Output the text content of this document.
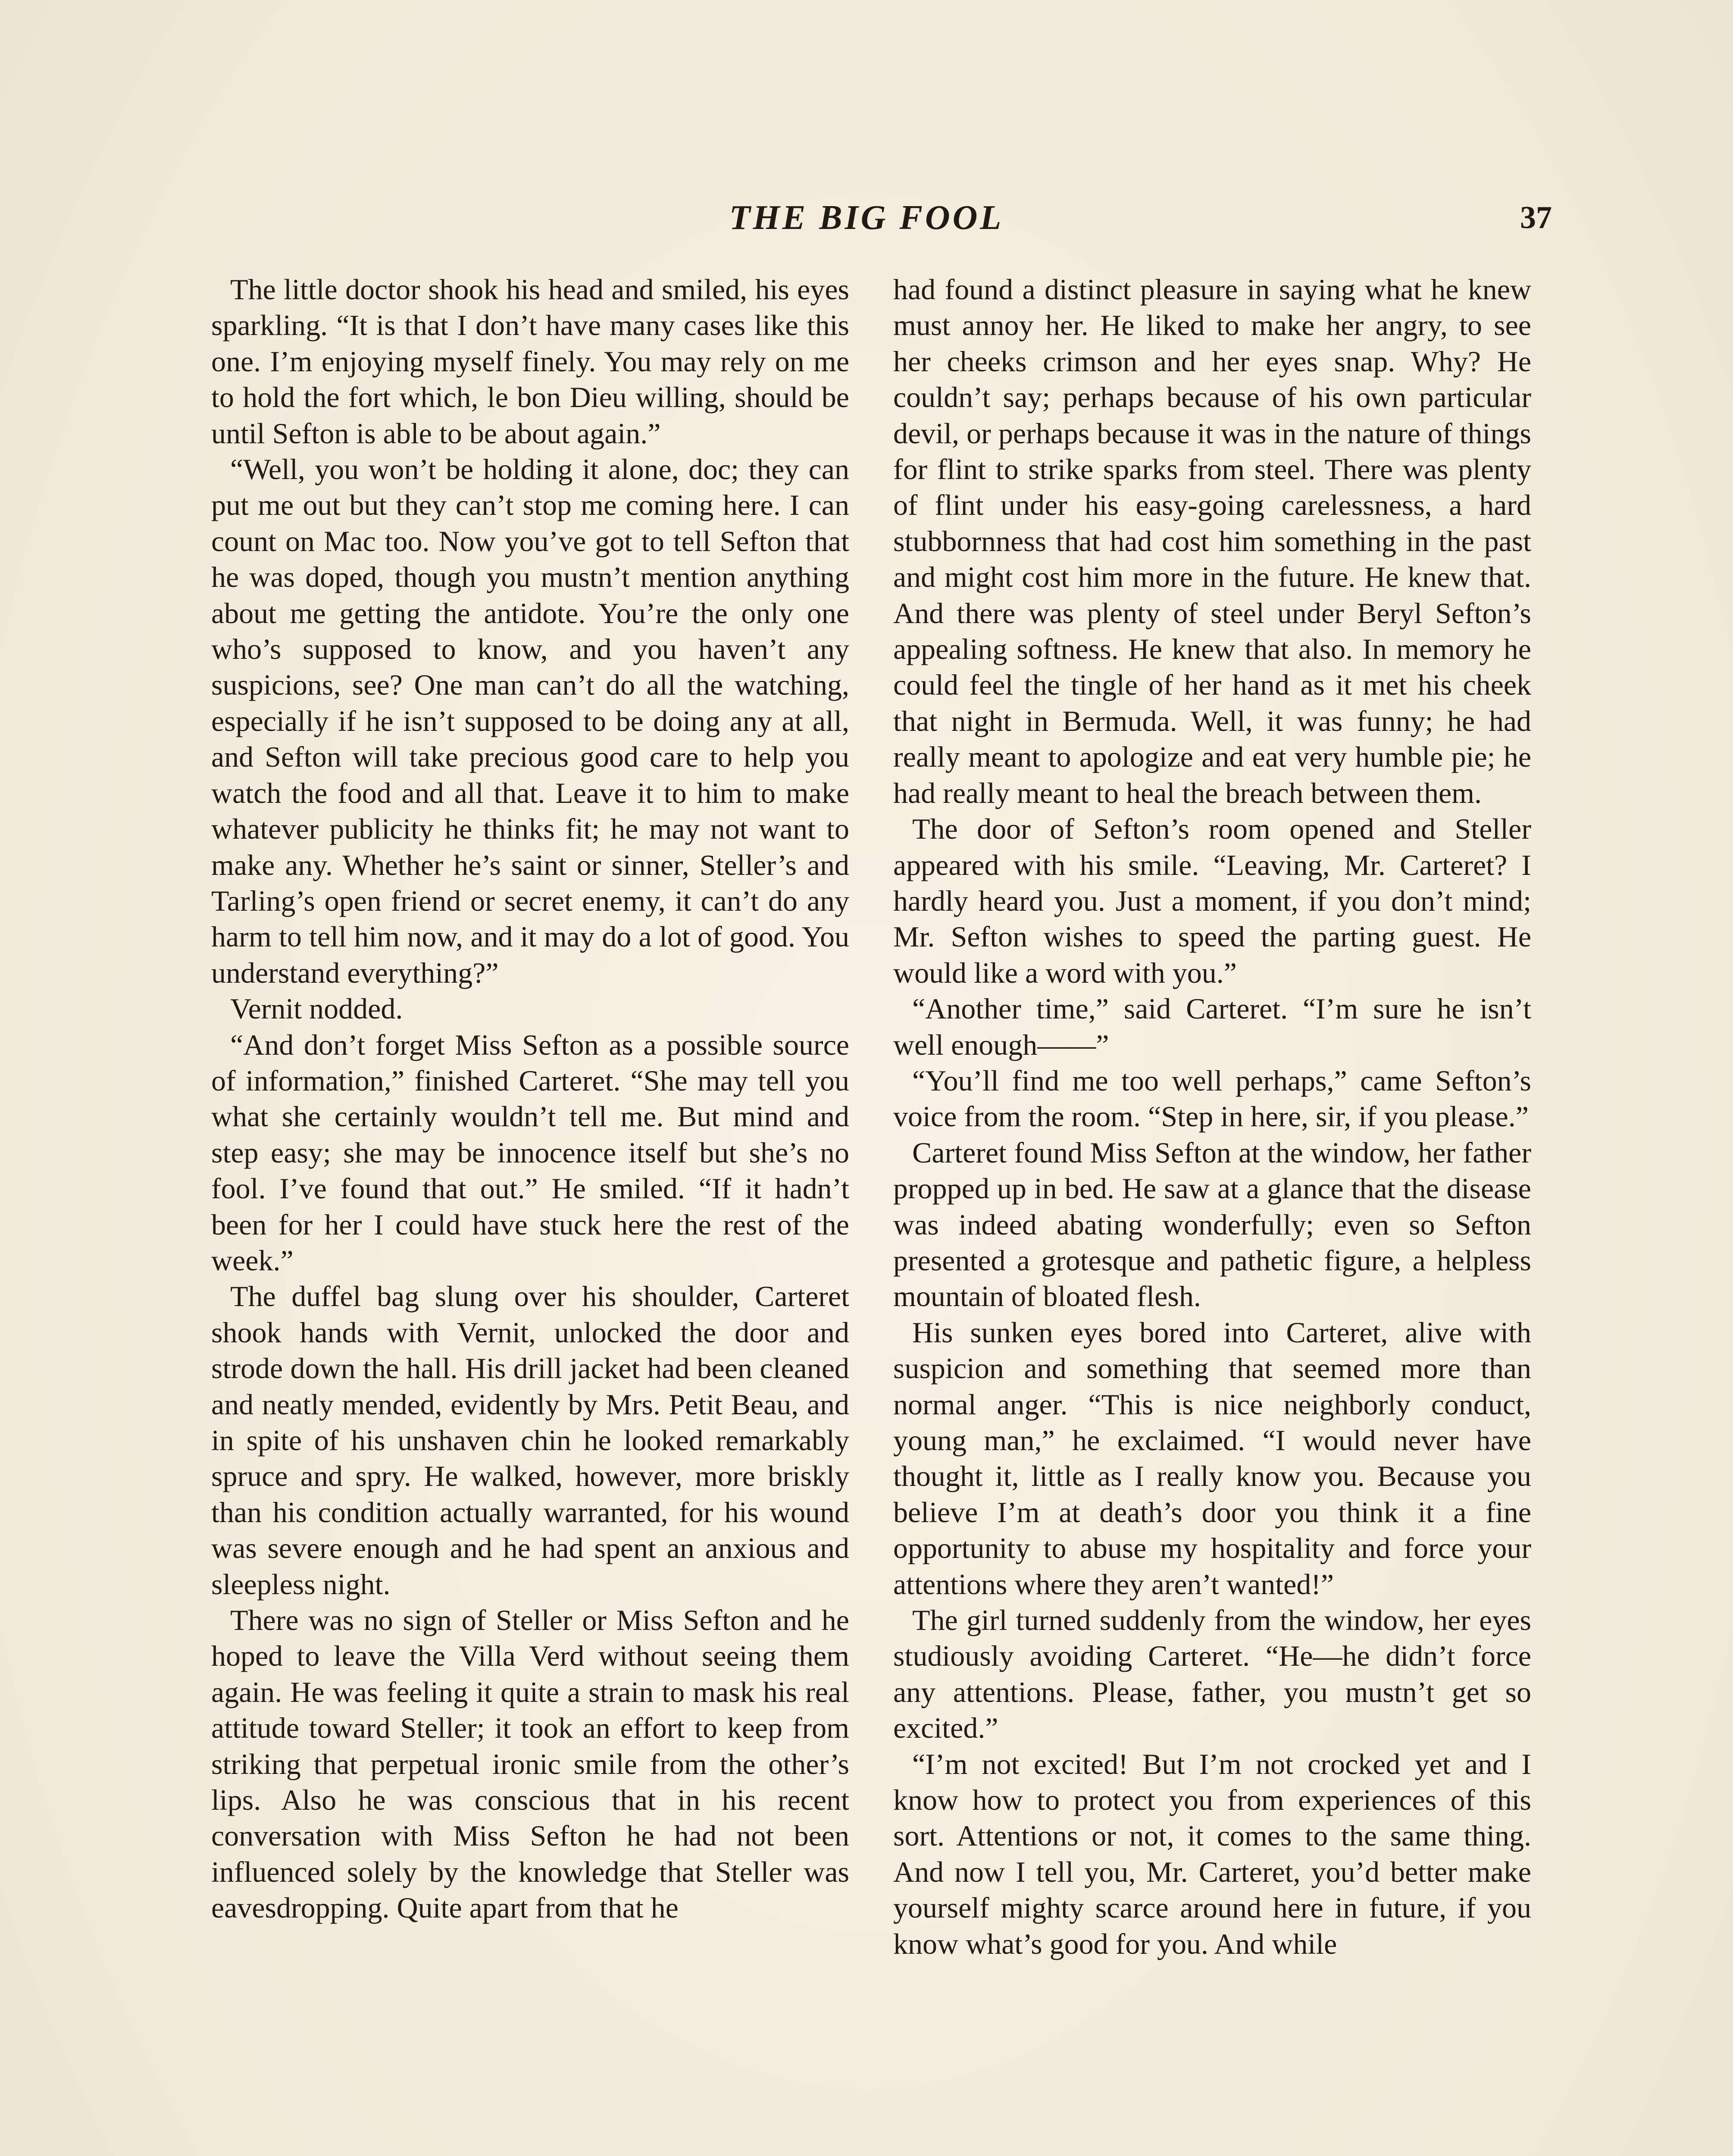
THE BIG FOOL	37

The little doctor shook his head and smiled, his eyes sparkling. “It is that I don’t have many cases like this one. I’m enjoying myself finely. You may rely on me to hold the fort which, le bon Dieu willing, should be until Sefton is able to be about again.”

“Well, you won’t be holding it alone, doc; they can put me out but they can’t stop me coming here. I can count on Mac too. Now you’ve got to tell Sefton that he was doped, though you mustn’t mention anything about me getting the antidote. You’re the only one who’s supposed to know, and you haven’t any suspicions, see? One man can’t do all the watching, especially if he isn’t supposed to be doing any at all, and Sefton will take precious good care to help you watch the food and all that. Leave it to him to make whatever publicity he thinks fit; he may not want to make any. Whether he’s saint or sinner, Steller’s and Tarling’s open friend or secret enemy, it can’t do any harm to tell him now, and it may do a lot of good. You understand everything?”

Vernit nodded.

“And don’t forget Miss Sefton as a possible source of information,” finished Carteret. “She may tell you what she certainly wouldn’t tell me. But mind and step easy; she may be innocence itself but she’s no fool. I’ve found that out.” He smiled. “If it hadn’t been for her I could have stuck here the rest of the week.”

The duffel bag slung over his shoulder, Carteret shook hands with Vernit, unlocked the door and strode down the hall. His drill jacket had been cleaned and neatly mended, evidently by Mrs. Petit Beau, and in spite of his unshaven chin he looked remarkably spruce and spry. He walked, however, more briskly than his condition actually warranted, for his wound was severe enough and he had spent an anxious and sleepless night.

There was no sign of Steller or Miss Sefton and he hoped to leave the Villa Verd without seeing them again. He was feeling it quite a strain to mask his real attitude toward Steller; it took an effort to keep from striking that perpetual ironic smile from the other’s lips. Also he was conscious that in his recent conversation with Miss Sefton he had not been influenced solely by the knowledge that Steller was eavesdropping. Quite apart from that he

had found a distinct pleasure in saying what he knew must annoy her. He liked to make her angry, to see her cheeks crimson and her eyes snap. Why? He couldn’t say; perhaps because of his own particular devil, or perhaps because it was in the nature of things for flint to strike sparks from steel. There was plenty of flint under his easy-going carelessness, a hard stubbornness that had cost him something in the past and might cost him more in the future. He knew that. And there was plenty of steel under Beryl Sefton’s appealing softness. He knew that also. In memory he could feel the tingle of her hand as it met his cheek that night in Bermuda. Well, it was funny; he had really meant to apologize and eat very humble pie; he had really meant to heal the breach between them.

The door of Sefton’s room opened and Steller appeared with his smile. “Leaving, Mr. Carteret? I hardly heard you. Just a moment, if you don’t mind; Mr. Sefton wishes to speed the parting guest. He would like a word with you.”

“Another time,” said Carteret. “I’m sure he isn’t well enough——”

“You’ll find me too well perhaps,” came Sefton’s voice from the room. “Step in here, sir, if you please.”

Carteret found Miss Sefton at the window, her father propped up in bed. He saw at a glance that the disease was indeed abating wonderfully; even so Sefton presented a grotesque and pathetic figure, a helpless mountain of bloated flesh.

His sunken eyes bored into Carteret, alive with suspicion and something that seemed more than normal anger. “This is nice neighborly conduct, young man,” he exclaimed. “I would never have thought it, little as I really know you. Because you believe I’m at death’s door you think it a fine opportunity to abuse my hospitality and force your attentions where they aren’t wanted!”

The girl turned suddenly from the window, her eyes studiously avoiding Carteret. “He—he didn’t force any attentions. Please, father, you mustn’t get so excited.”

“I’m not excited! But I’m not crocked yet and I know how to protect you from experiences of this sort. Attentions or not, it comes to the same thing. And now I tell you, Mr. Carteret, you’d better make yourself mighty scarce around here in future, if you know what’s good for you. And while
